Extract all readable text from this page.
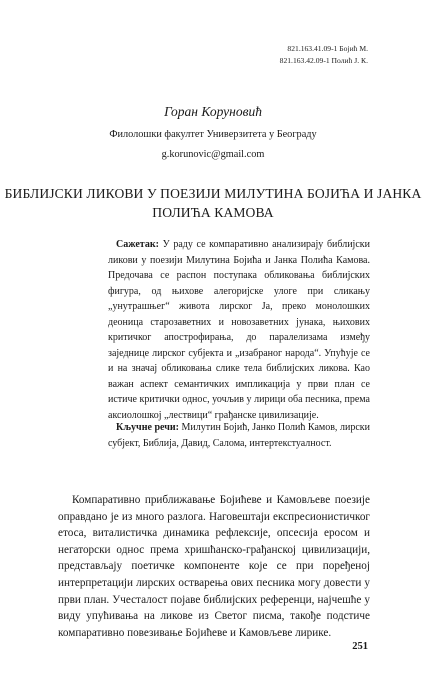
821.163.41.09-1 Бојић М.
821.163.42.09-1 Полић Ј. К.
Горан Коруновић
Филолошки факултет Универзитета у Београду
g.korunovic@gmail.com
БИБЛИЈСКИ ЛИКОВИ У ПОЕЗИЈИ МИЛУТИНА БОЈИЋА И ЈАНКА ПОЛИЋА КАМОВА

Сажетак: У раду се компаративно анализирају библијски ликови у поезији Милутина Бојића и Јанка Полића Камова. Предочава се распон поступака обликовања библијских фигура, од њихове алегоријске улоге при сликању „унутрашњег“ живота лирског Ја, преко монолошких деоница старозаветних и новозаветних јунака, њихових критичког апострофирања, до паралелизама између заједнице лирског субјекта и „изабраног народа“. Упућује се и на значај обликовања слике тела библијских ликова. Као важан аспект семантичких импликација у први план се истиче критички однос, уочљив у лирици оба песника, према аксиолошкој „лествици“ грађанске цивилизације.

Кључне речи: Милутин Бојић, Јанко Полић Камов, лирски субјект, Библија, Давид, Салома, интертекстуалност.

Компаративно приближавање Бојићеве и Камовљеве поезије оправдано је из много разлога. Наговештаји експресионистичког етоса, виталистичка динамика рефлексије, опсесија еросом и негаторски однос према хришћанско-грађанској цивилизацији, представљају поетичке компоненте које се при поређеној интерпретацији лирских остварења ових песника могу довести у први план. Учесталост појаве библијских референци, најчешће у виду упућивања на ликове из Светог писма, такође подстиче компаративно повезивање Бојићеве и Камовљеве лирике.

251
